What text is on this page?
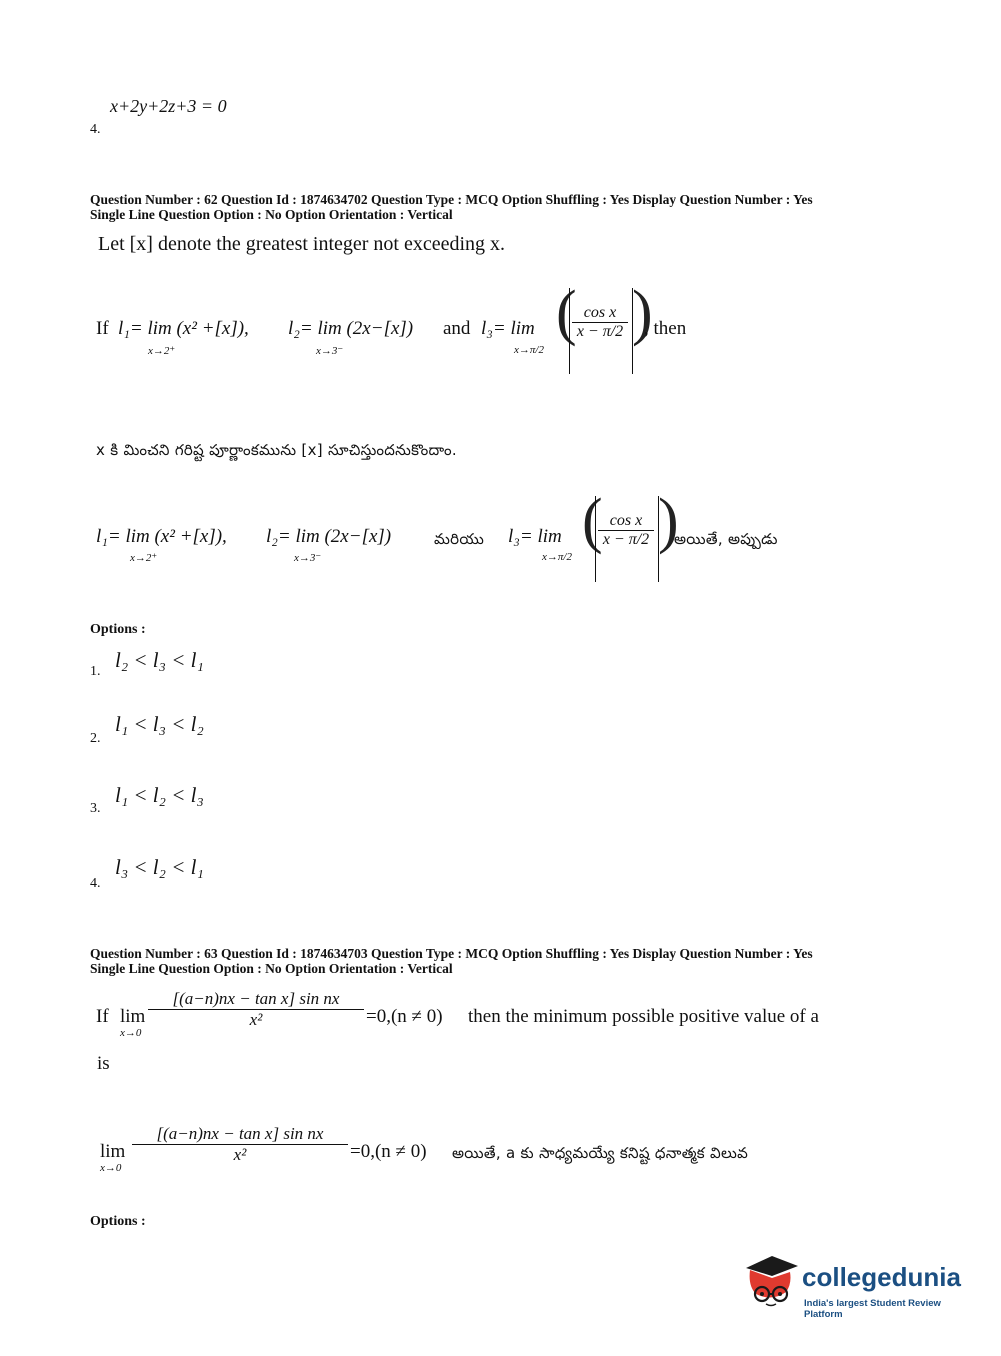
x+2y+2z+3 = 0
4.
Question Number : 62 Question Id : 1874634702 Question Type : MCQ Option Shuffling : Yes Display Question Number : Yes
Single Line Question Option : No Option Orientation : Vertical
Let [x] denote the greatest integer not exceeding x.
If l₁= lim (x² +[x]),
x→2⁺
l₂= lim (2x−[x])
x→3⁻
and l₃= lim
x→π/2
(
$\frac{\text{cos x}}{x - \pi/2}$ )
, then
x కి మించని గరిష్ట పూర్ణాంకమును [x] సూచిస్తుందనుకొందాం.
l₁= lim (x² +[x]),
x→2⁺
l₂= lim (2x−[x])
x→3⁻
మరియు l₃= lim
x→π/2
(
$\frac{\text{cos x}}{x - \pi/2}$ )
అయితే, అప్పుడు
Options :
l₂ < l₃ < l₁
1.
l₁ < l₃ < l₂
2.
l₁ < l₂ < l₃
3.
l₃ < l₂ < l₁
4.
Question Number : 63 Question Id : 1874634703 Question Type : MCQ Option Shuffling : Yes Display Question Number : Yes
Single Line Question Option : No Option Orientation : Vertical
If lim
x→0
$\frac{\text{[(a−n)nx − tan x] sin nx}}{\text{x²}} =0,(n \ne 0)$ then the minimum possible positive value of a
is
lim
x→0
$\frac{\text{[(a−n)nx − tan x] sin nx}}{\text{x²}} =0,(n \ne 0)$ అయితే, a కు సాధ్యమయ్యే కనిష్ట ధనాత్మక విలువ
Options :
collegedunia
India's largest Student Review Platform
